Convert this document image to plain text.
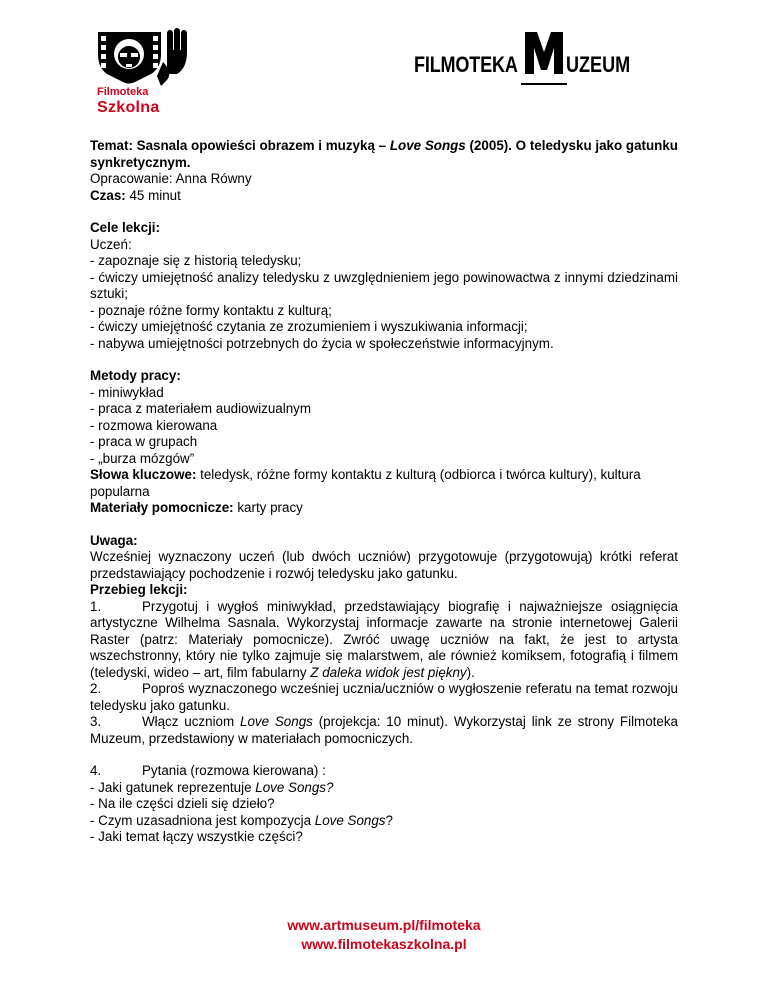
Filmoteka
Szkolna
FILMOTEKA UZEUM

Temat: Sasnala opowieści obrazem i muzyką – Love Songs (2005). O teledysku jako gatunku synkretycznym.

Opracowanie: Anna Równy

Czas: 45 minut

Cele lekcji:

Uczeń:

- zapoznaje się z historią teledysku;

- ćwiczy umiejętność analizy teledysku z uwzględnieniem jego powinowactwa z innymi dziedzinami sztuki;

- poznaje różne formy kontaktu z kulturą;

- ćwiczy umiejętność czytania ze zrozumieniem i wyszukiwania informacji;

- nabywa umiejętności potrzebnych do życia w społeczeństwie informacyjnym.

Metody pracy:

- miniwykład

- praca z materiałem audiowizualnym

- rozmowa kierowana

- praca w grupach

- „burza mózgów”

Słowa kluczowe: teledysk, różne formy kontaktu z kulturą (odbiorca i twórca kultury), kultura popularna

Materiały pomocnicze: karty pracy

Uwaga:

Wcześniej wyznaczony uczeń (lub dwóch uczniów) przygotowuje (przygotowują) krótki referat przedstawiający pochodzenie i rozwój teledysku jako gatunku.

Przebieg lekcji:

1.	Przygotuj i wygłoś miniwykład, przedstawiający biografię i najważniejsze osiągnięcia artystyczne Wilhelma Sasnala. Wykorzystaj informacje zawarte na stronie internetowej Galerii Raster (patrz: Materiały pomocnicze). Zwróć uwagę uczniów na fakt, że jest to artysta wszechstronny, który nie tylko zajmuje się malarstwem, ale również komiksem, fotografią i filmem (teledyski, wideo – art, film fabularny Z daleka widok jest piękny).

2.	Poproś wyznaczonego wcześniej ucznia/uczniów o wygłoszenie referatu na temat rozwoju teledysku jako gatunku.

3.	Włącz uczniom Love Songs (projekcja: 10 minut). Wykorzystaj link ze strony Filmoteka Muzeum, przedstawiony w materiałach pomocniczych.

4.	Pytania (rozmowa kierowana) :

- Jaki gatunek reprezentuje Love Songs?

- Na ile części dzieli się dzieło?

- Czym uzasadniona jest kompozycja Love Songs?

- Jaki temat łączy wszystkie części?

www.artmuseum.pl/filmoteka
www.filmotekaszkolna.pl
